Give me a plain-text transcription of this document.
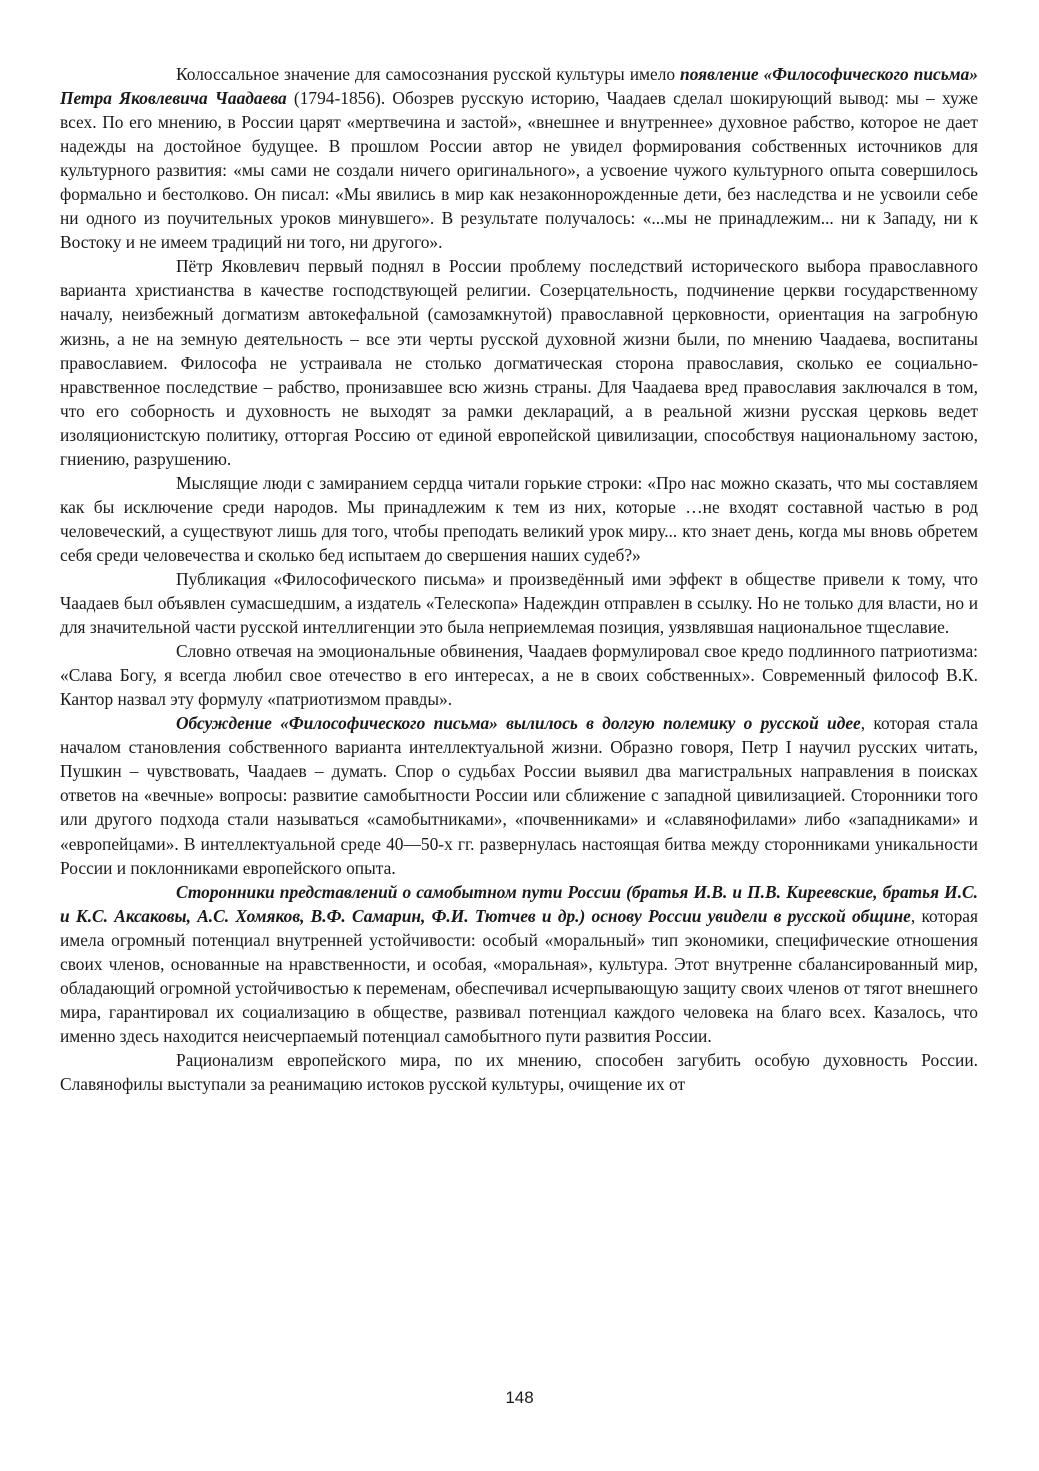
Колоссальное значение для самосознания русской культуры имело появление «Философического письма» Петра Яковлевича Чаадаева (1794-1856). Обозрев русскую историю, Чаадаев сделал шокирующий вывод: мы – хуже всех. По его мнению, в России царят «мертвечина и застой», «внешнее и внутреннее» духовное рабство, которое не дает надежды на достойное будущее. В прошлом России автор не увидел формирования собственных источников для культурного развития: «мы сами не создали ничего оригинального», а усвоение чужого культурного опыта совершилось формально и бестолково. Он писал: «Мы явились в мир как незаконнорожденные дети, без наследства и не усвоили себе ни одного из поучительных уроков минувшего». В результате получалось: «...мы не принадлежим... ни к Западу, ни к Востоку и не имеем традиций ни того, ни другого».

Пётр Яковлевич первый поднял в России проблему последствий исторического выбора православного варианта христианства в качестве господствующей религии. Созерцательность, подчинение церкви государственному началу, неизбежный догматизм автокефальной (самозамкнутой) православной церковности, ориентация на загробную жизнь, а не на земную деятельность – все эти черты русской духовной жизни были, по мнению Чаадаева, воспитаны православием. Философа не устраивала не столько догматическая сторона православия, сколько ее социально-нравственное последствие – рабство, пронизавшее всю жизнь страны. Для Чаадаева вред православия заключался в том, что его соборность и духовность не выходят за рамки деклараций, а в реальной жизни русская церковь ведет изоляционистскую политику, отторгая Россию от единой европейской цивилизации, способствуя национальному застою, гниению, разрушению.

Мыслящие люди с замиранием сердца читали горькие строки: «Про нас можно сказать, что мы составляем как бы исключение среди народов. Мы принадлежим к тем из них, которые …не входят составной частью в род человеческий, а существуют лишь для того, чтобы преподать великий урок миру... кто знает день, когда мы вновь обретем себя среди человечества и сколько бед испытаем до свершения наших судеб?»

Публикация «Философического письма» и произведённый ими эффект в обществе привели к тому, что Чаадаев был объявлен сумасшедшим, а издатель «Телескопа» Надеждин отправлен в ссылку. Но не только для власти, но и для значительной части русской интеллигенции это была неприемлемая позиция, уязвлявшая национальное тщеславие.

Словно отвечая на эмоциональные обвинения, Чаадаев формулировал свое кредо подлинного патриотизма: «Слава Богу, я всегда любил свое отечество в его интересах, а не в своих собственных». Современный философ В.К. Кантор назвал эту формулу «патриотизмом правды».

Обсуждение «Философического письма» вылилось в долгую полемику о русской идее, которая стала началом становления собственного варианта интеллектуальной жизни. Образно говоря, Петр I научил русских читать, Пушкин – чувствовать, Чаадаев – думать. Спор о судьбах России выявил два магистральных направления в поисках ответов на «вечные» вопросы: развитие самобытности России или сближение с западной цивилизацией. Сторонники того или другого подхода стали называться «самобытниками», «почвенниками» и «славянофилами» либо «западниками» и «европейцами». В интеллектуальной среде 40—50-х гг. развернулась настоящая битва между сторонниками уникальности России и поклонниками европейского опыта.

Сторонники представлений о самобытном пути России (братья И.В. и П.В. Киреевские, братья И.С. и К.С. Аксаковы, А.С. Хомяков, В.Ф. Самарин, Ф.И. Тютчев и др.) основу России увидели в русской общине, которая имела огромный потенциал внутренней устойчивости: особый «моральный» тип экономики, специфические отношения своих членов, основанные на нравственности, и особая, «моральная», культура. Этот внутренне сбалансированный мир, обладающий огромной устойчивостью к переменам, обеспечивал исчерпывающую защиту своих членов от тягот внешнего мира, гарантировал их социализацию в обществе, развивал потенциал каждого человека на благо всех. Казалось, что именно здесь находится неисчерпаемый потенциал самобытного пути развития России.

Рационализм европейского мира, по их мнению, способен загубить особую духовность России. Славянофилы выступали за реанимацию истоков русской культуры, очищение их от

148
